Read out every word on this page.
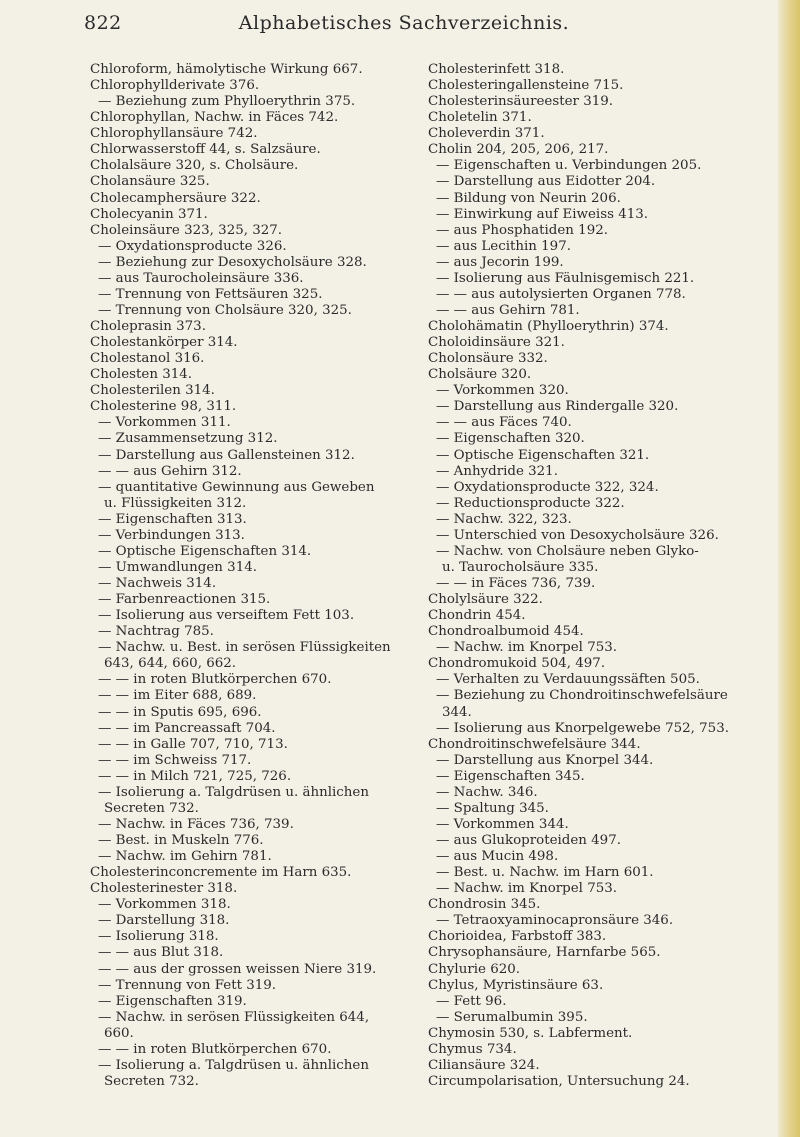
822	Alphabetisches Sachverzeichnis.
Chloroform, hämolytische Wirkung 667.
Chlorophyllderivate 376.
— Beziehung zum Phylloerythrin 375.
Chlorophyllan, Nachw. in Fäces 742.
Chlorophyllansäure 742.
Chlorwasserstoff 44, s. Salzsäure.
Cholalsäure 320, s. Cholsäure.
Cholansäure 325.
Cholecamphersäure 322.
Cholecyanin 371.
Choleinsäure 323, 325, 327.
— Oxydationsproducte 326.
— Beziehung zur Desoxycholsäure 328.
— aus Taurocholeinsäure 336.
— Trennung von Fettsäuren 325.
— Trennung von Cholsäure 320, 325.
Choleprasin 373.
Cholestankörper 314.
Cholestanol 316.
Cholesten 314.
Cholesterilen 314.
Cholesterine 98, 311.
— Vorkommen 311.
— Zusammensetzung 312.
— Darstellung aus Gallensteinen 312.
— — aus Gehirn 312.
— quantitative Gewinnung aus Geweben
u. Flüssigkeiten 312.
— Eigenschaften 313.
— Verbindungen 313.
— Optische Eigenschaften 314.
— Umwandlungen 314.
— Nachweis 314.
— Farbenreactionen 315.
— Isolierung aus verseiftem Fett 103.
— Nachtrag 785.
— Nachw. u. Best. in serösen Flüssigkeiten
643, 644, 660, 662.
— — in roten Blutkörperchen 670.
— — im Eiter 688, 689.
— — in Sputis 695, 696.
— — im Pancreassaft 704.
— — in Galle 707, 710, 713.
— — im Schweiss 717.
— — in Milch 721, 725, 726.
— Isolierung a. Talgdrüsen u. ähnlichen
Secreten 732.
— Nachw. in Fäces 736, 739.
— Best. in Muskeln 776.
— Nachw. im Gehirn 781.
Cholesterinconcremente im Harn 635.
Cholesterinester 318.
— Vorkommen 318.
— Darstellung 318.
— Isolierung 318.
— — aus Blut 318.
— — aus der grossen weissen Niere 319.
— Trennung von Fett 319.
— Eigenschaften 319.
— Nachw. in serösen Flüssigkeiten 644,
660.
— — in roten Blutkörperchen 670.
— Isolierung a. Talgdrüsen u. ähnlichen
Secreten 732.
Cholesterinfett 318.
Cholesteringallensteine 715.
Cholesterinsäureester 319.
Choletelin 371.
Choleverdin 371.
Cholin 204, 205, 206, 217.
— Eigenschaften u. Verbindungen 205.
— Darstellung aus Eidotter 204.
— Bildung von Neurin 206.
— Einwirkung auf Eiweiss 413.
— aus Phosphatiden 192.
— aus Lecithin 197.
— aus Jecorin 199.
— Isolierung aus Fäulnisgemisch 221.
— — aus autolysierten Organen 778.
— — aus Gehirn 781.
Cholohämatin (Phylloerythrin) 374.
Choloidinsäure 321.
Cholonsäure 332.
Cholsäure 320.
— Vorkommen 320.
— Darstellung aus Rindergalle 320.
— — aus Fäces 740.
— Eigenschaften 320.
— Optische Eigenschaften 321.
— Anhydride 321.
— Oxydationsproducte 322, 324.
— Reductionsproducte 322.
— Nachw. 322, 323.
— Unterschied von Desoxycholsäure 326.
— Nachw. von Cholsäure neben Glyko-
u. Taurocholsäure 335.
— — in Fäces 736, 739.
Cholylsäure 322.
Chondrin 454.
Chondroalbumoid 454.
— Nachw. im Knorpel 753.
Chondromukoid 504, 497.
— Verhalten zu Verdauungssäften 505.
— Beziehung zu Chondroitinschwefelsäure
344.
— Isolierung aus Knorpelgewebe 752, 753.
Chondroitinschwefelsäure 344.
— Darstellung aus Knorpel 344.
— Eigenschaften 345.
— Nachw. 346.
— Spaltung 345.
— Vorkommen 344.
— aus Glukoproteiden 497.
— aus Mucin 498.
— Best. u. Nachw. im Harn 601.
— Nachw. im Knorpel 753.
Chondrosin 345.
— Tetraoxyaminocapronsäure 346.
Chorioidea, Farbstoff 383.
Chrysophansäure, Harnfarbe 565.
Chylurie 620.
Chylus, Myristinsäure 63.
— Fett 96.
— Serumalbumin 395.
Chymosin 530, s. Labferment.
Chymus 734.
Ciliansäure 324.
Circumpolarisation, Untersuchung 24.
